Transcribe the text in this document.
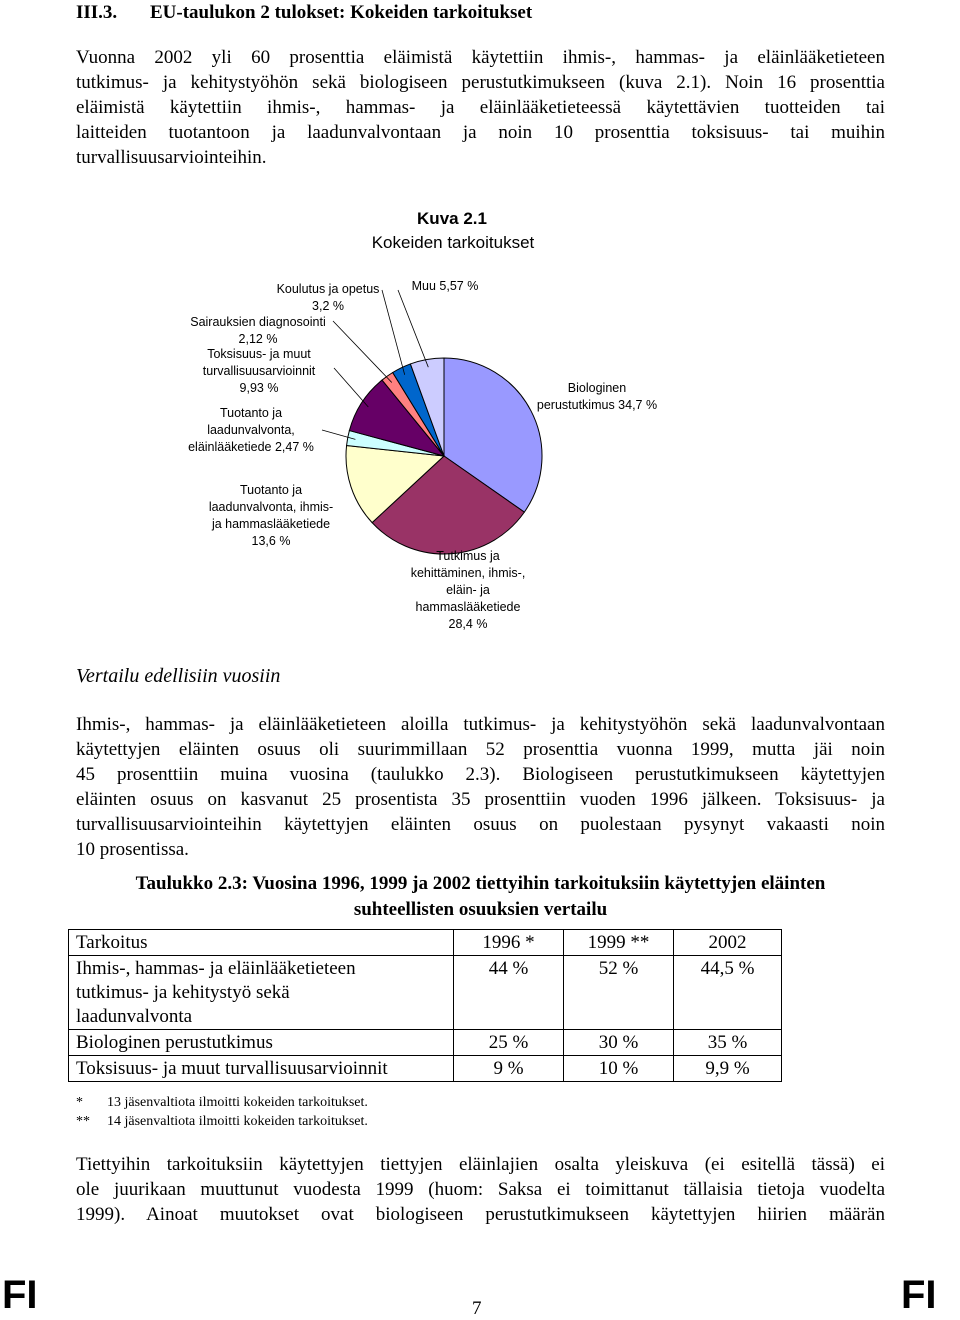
III.3. EU-taulukon 2 tulokset: Kokeiden tarkoitukset
Vuonna 2002 yli 60 prosenttia eläimistä käytettiin ihmis-, hammas- ja eläinlääketieteen
tutkimus- ja kehitystyöhön sekä biologiseen perustutkimukseen (kuva 2.1). Noin 16 prosenttia
eläimistä käytettiin ihmis-, hammas- ja eläinlääketieteessä käytettävien tuotteiden tai
laitteiden tuotantoon ja laadunvalvontaan ja noin 10 prosenttia toksisuus- tai muihin
turvallisuusarviointeihin.
Kuva 2.1
Kokeiden tarkoitukset
Biologinen perustutkimus 34,7 %
Tutkimus ja kehittäminen, ihmis-, eläin- ja hammaslääketiede 28,4 %
Tuotanto ja laadunvalvonta, ihmis-ja hammaslääketiede 13,6 %
Tuotanto ja laadunvalvonta, eläinlääketiede 2,47 %
Toksisuus- ja muut turvallisuusarvioinnit 9,93 %
Sairauksien diagnosointi 2,12 %
Koulutus ja opetus 3,2 %
Muu 5,57 %
Vertailu edellisiin vuosiin
Ihmis-, hammas- ja eläinlääketieteen aloilla tutkimus- ja kehitystyöhön sekä laadunvalvontaan
käytettyjen eläinten osuus oli suurimmillaan 52 prosenttia vuonna 1999, mutta jäi noin
45 prosenttiin muina vuosina (taulukko 2.3). Biologiseen perustutkimukseen käytettyjen
eläinten osuus on kasvanut 25 prosentista 35 prosenttiin vuoden 1996 jälkeen. Toksisuus- ja
turvallisuusarviointeihin käytettyjen eläinten osuus on puolestaan pysynyt vakaasti noin
10 prosentissa.
Taulukko 2.3: Vuosina 1996, 1999 ja 2002 tiettyihin tarkoituksiin käytettyjen eläinten
suhteellisten osuuksien vertailu
Tarkoitus	1996 *	1999 **	2002

Ihmis-, hammas- ja eläinlääketieteen
tutkimus- ja kehitystyö sekä
laadunvalvonta	44 %	52 %	44,5 %

Biologinen perustutkimus	25 %	30 %	35 %

Toksisuus- ja muut turvallisuusarvioinnit	9 %	10 %	9,9 %
* 13 jäsenvaltiota ilmoitti kokeiden tarkoitukset.
** 14 jäsenvaltiota ilmoitti kokeiden tarkoitukset.
Tiettyihin tarkoituksiin käytettyjen tiettyjen eläinlajien osalta yleiskuva (ei esitellä tässä) ei
ole juurikaan muuttunut vuodesta 1999 (huom: Saksa ei toimittanut tällaisia tietoja vuodelta
1999). Ainoat muutokset ovat biologiseen perustutkimukseen käytettyjen hiirien määrän
FI	7	FI
